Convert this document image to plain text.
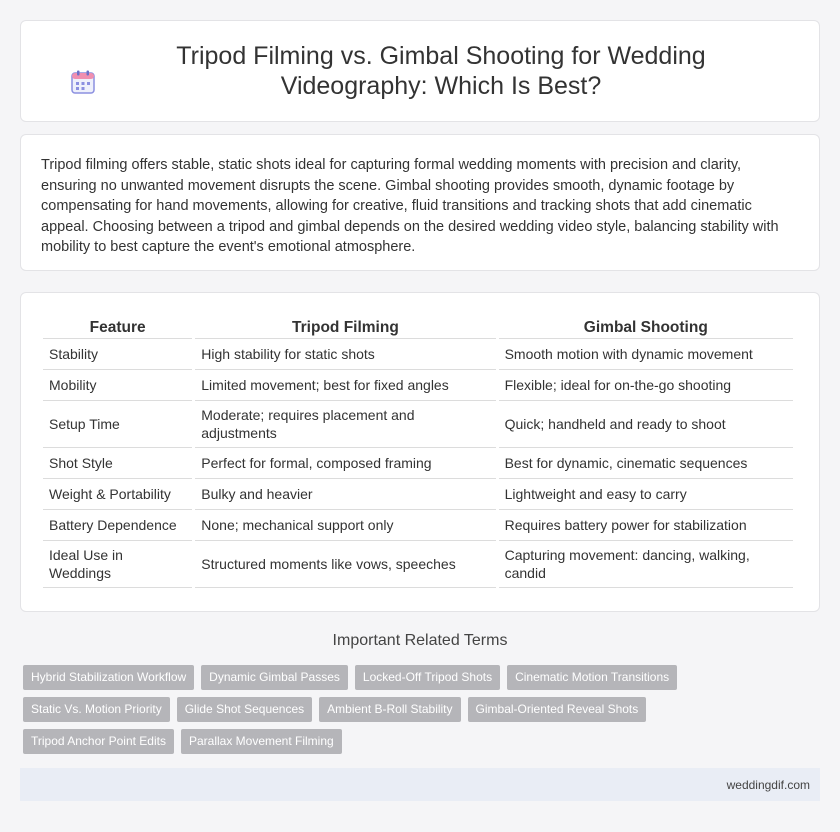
Tripod Filming vs. Gimbal Shooting for Wedding Videography: Which Is Best?

Tripod filming offers stable, static shots ideal for capturing formal wedding moments with precision and clarity, ensuring no unwanted movement disrupts the scene. Gimbal shooting provides smooth, dynamic footage by compensating for hand movements, allowing for creative, fluid transitions and tracking shots that add cinematic appeal. Choosing between a tripod and gimbal depends on the desired wedding video style, balancing stability with mobility to best capture the event's emotional atmosphere.

Feature	Tripod Filming	Gimbal Shooting
Stability	High stability for static shots	Smooth motion with dynamic movement
Mobility	Limited movement; best for fixed angles	Flexible; ideal for on-the-go shooting
Setup Time	Moderate; requires placement and adjustments	Quick; handheld and ready to shoot
Shot Style	Perfect for formal, composed framing	Best for dynamic, cinematic sequences
Weight & Portability	Bulky and heavier	Lightweight and easy to carry
Battery Dependence	None; mechanical support only	Requires battery power for stabilization
Ideal Use in Weddings	Structured moments like vows, speeches	Capturing movement: dancing, walking, candid
Important Related Terms
Hybrid Stabilization Workflow	Dynamic Gimbal Passes	Locked-Off Tripod Shots	Cinematic Motion Transitions
Static Vs. Motion Priority	Glide Shot Sequences	Ambient B-Roll Stability	Gimbal-Oriented Reveal Shots
Tripod Anchor Point Edits	Parallax Movement Filming
weddingdif.com
